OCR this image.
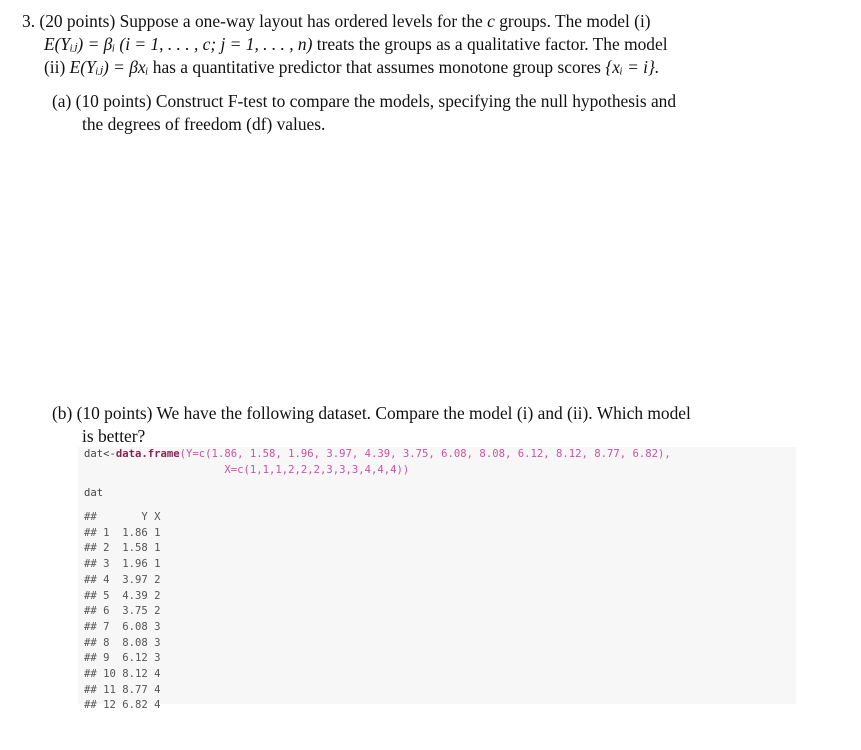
3. (20 points) Suppose a one-way layout has ordered levels for the c groups. The model (i)
E(Yᵢⱼ) = βᵢ (i = 1, . . . , c; j = 1, . . . , n) treats the groups as a qualitative factor. The model
(ii) E(Yᵢⱼ) = βxᵢ has a quantitative predictor that assumes monotone group scores {xᵢ = i}.
(a) (10 points) Construct F-test to compare the models, specifying the null hypothesis and
the degrees of freedom (df) values.
(b) (10 points) We have the following dataset. Compare the model (i) and (ii). Which model
is better?
dat<-data.frame(Y=c(1.86, 1.58, 1.96, 3.97, 4.39, 3.75, 6.08, 8.08, 6.12, 8.12, 8.77, 6.82),
X=c(1,1,1,2,2,2,3,3,3,4,4,4))
dat
##       Y X
## 1  1.86 1
## 2  1.58 1
## 3  1.96 1
## 4  3.97 2
## 5  4.39 2
## 6  3.75 2
## 7  6.08 3
## 8  8.08 3
## 9  6.12 3
## 10 8.12 4
## 11 8.77 4
## 12 6.82 4
